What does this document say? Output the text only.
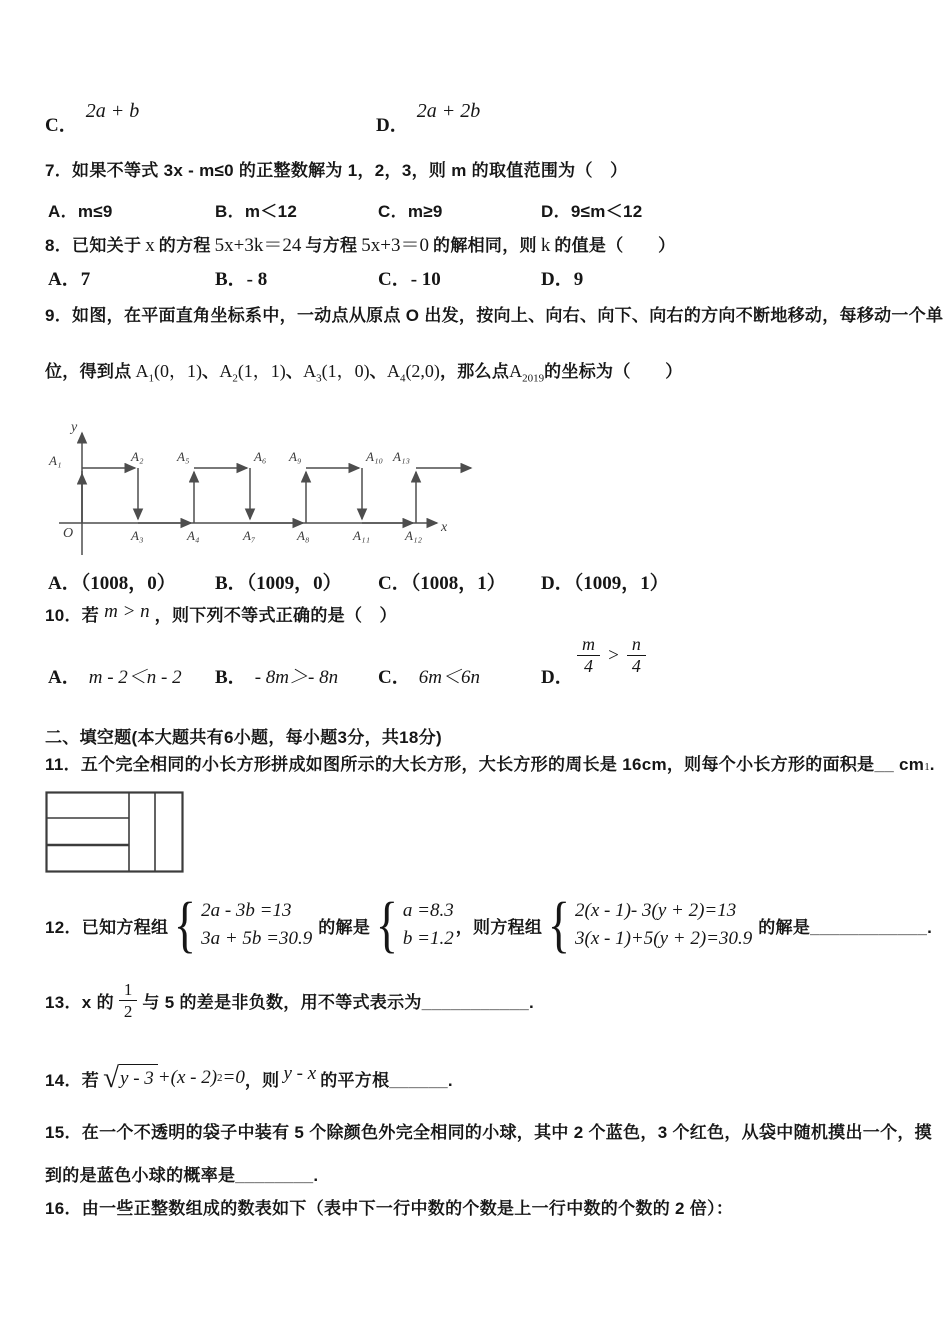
C．
2a + b
D．
2a + 2b
7．如果不等式 3x - m≤0 的正整数解为 1，2，3，则 m 的取值范围为（　）
A．m≤9	B．m＜12	C．m≥9	D．9≤m＜12
8．已知关于 x 的方程 5x+3k＝24 与方程 5x+3＝0 的解相同，则 k 的值是（　　）
A．7	B．- 8	C．- 10	D．9
9．如图，在平面直角坐标系中，一动点从原点 O 出发，按向上、向右、向下、向右的方向不断地移动，每移动一个单
位，得到点 $A_1(0$，1) 、 $A_2(1$，1) 、 $A_3(1$，0) 、 $A_4(2,0)$ ，那么点 $A_{2019}$ 的坐标为（　　）
y
x
O
A₁	A₂	A₅	A₆ A₉	A₁₀ A₁₃
A₃	A₄	A₇	A₈	A₁₁	A₁₂
A．（1008，0） B．（1009，0） C．（1008，1） D．（1009，1）
10．若 m > n ，则下列不等式正确的是（　）
A． m - 2＜n - 2 B． - 8m＞- 8n C． 6m＜6n	D．
$\frac{m}{4} > \frac{n}{4}$
二、填空题(本大题共有6小题，每小题3分，共18分)
11．五个完全相同的小长方形拼成如图所示的大长方形，大长方形的周长是 16cm，则每个小长方形的面积是__ $cm_1$ .
12．已知方程组 { 2a - 3b =13
3a + 5b =30.9
的解是 { a =8.3
b =1.2
，则方程组 { 2(x - 1)- 3(y + 2)=13
3(x - 1)+5(y + 2)=30.9
的解是____________.
13．x 的 $\frac{1}{2}$ 与 5 的差是非负数，用不等式表示为___________.
14．若 √ y - 3 +(x - 2) 2 =0 ，则 y - x 的平方根______.
15．在一个不透明的袋子中装有 5 个除颜色外完全相同的小球，其中 2 个蓝色，3 个红色，从袋中随机摸出一个，摸
到的是蓝色小球的概率是________.
16．由一些正整数组成的数表如下（表中下一行中数的个数是上一行中数的个数的 2 倍）：
